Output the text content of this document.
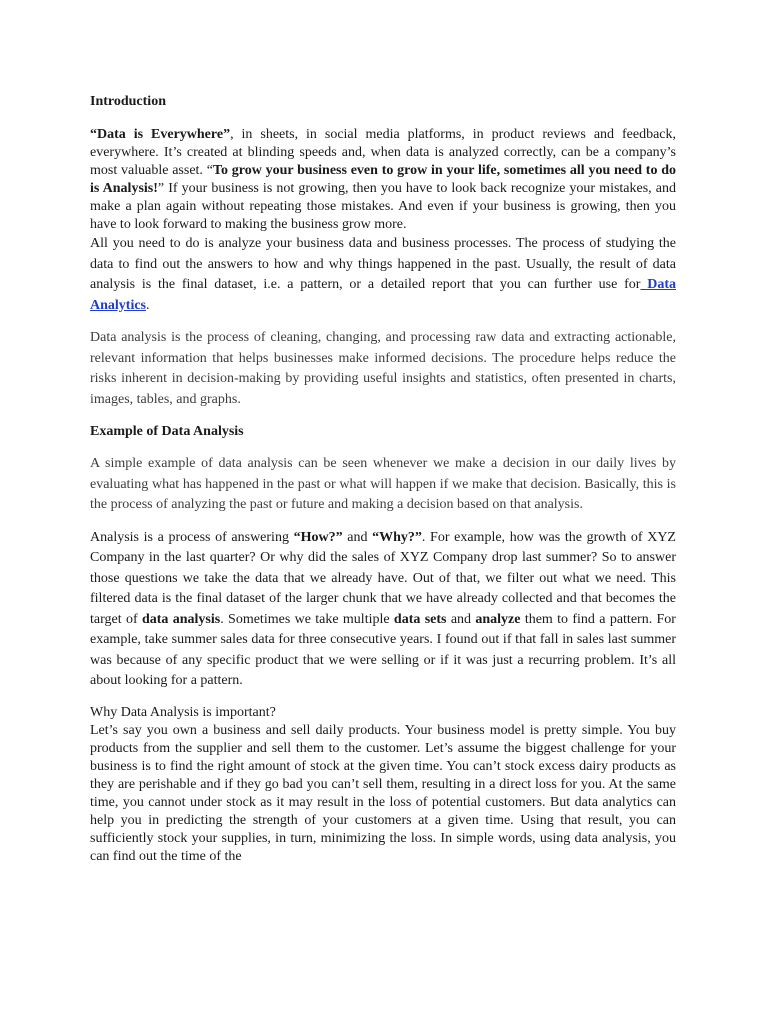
Introduction

“Data is Everywhere”, in sheets, in social media platforms, in product reviews and feedback, everywhere. It’s created at blinding speeds and, when data is analyzed correctly, can be a company’s most valuable asset. “To grow your business even to grow in your life, sometimes all you need to do is Analysis!” If your business is not growing, then you have to look back recognize your mistakes, and make a plan again without repeating those mistakes. And even if your business is growing, then you have to look forward to making the business grow more.

All you need to do is analyze your business data and business processes. The process of studying the data to find out the answers to how and why things happened in the past. Usually, the result of data analysis is the final dataset, i.e. a pattern, or a detailed report that you can further use for Data Analytics.

Data analysis is the process of cleaning, changing, and processing raw data and extracting actionable, relevant information that helps businesses make informed decisions. The procedure helps reduce the risks inherent in decision-making by providing useful insights and statistics, often presented in charts, images, tables, and graphs.

Example of Data Analysis

A simple example of data analysis can be seen whenever we make a decision in our daily lives by evaluating what has happened in the past or what will happen if we make that decision. Basically, this is the process of analyzing the past or future and making a decision based on that analysis.

Analysis is a process of answering “How?” and “Why?”. For example, how was the growth of XYZ Company in the last quarter? Or why did the sales of XYZ Company drop last summer? So to answer those questions we take the data that we already have. Out of that, we filter out what we need. This filtered data is the final dataset of the larger chunk that we have already collected and that becomes the target of data analysis. Sometimes we take multiple data sets and analyze them to find a pattern. For example, take summer sales data for three consecutive years. I found out if that fall in sales last summer was because of any specific product that we were selling or if it was just a recurring problem. It’s all about looking for a pattern.

Why Data Analysis is important?

Let’s say you own a business and sell daily products. Your business model is pretty simple. You buy products from the supplier and sell them to the customer. Let’s assume the biggest challenge for your business is to find the right amount of stock at the given time. You can’t stock excess dairy products as they are perishable and if they go bad you can’t sell them, resulting in a direct loss for you. At the same time, you cannot under stock as it may result in the loss of potential customers. But data analytics can help you in predicting the strength of your customers at a given time. Using that result, you can sufficiently stock your supplies, in turn, minimizing the loss. In simple words, using data analysis, you can find out the time of the
